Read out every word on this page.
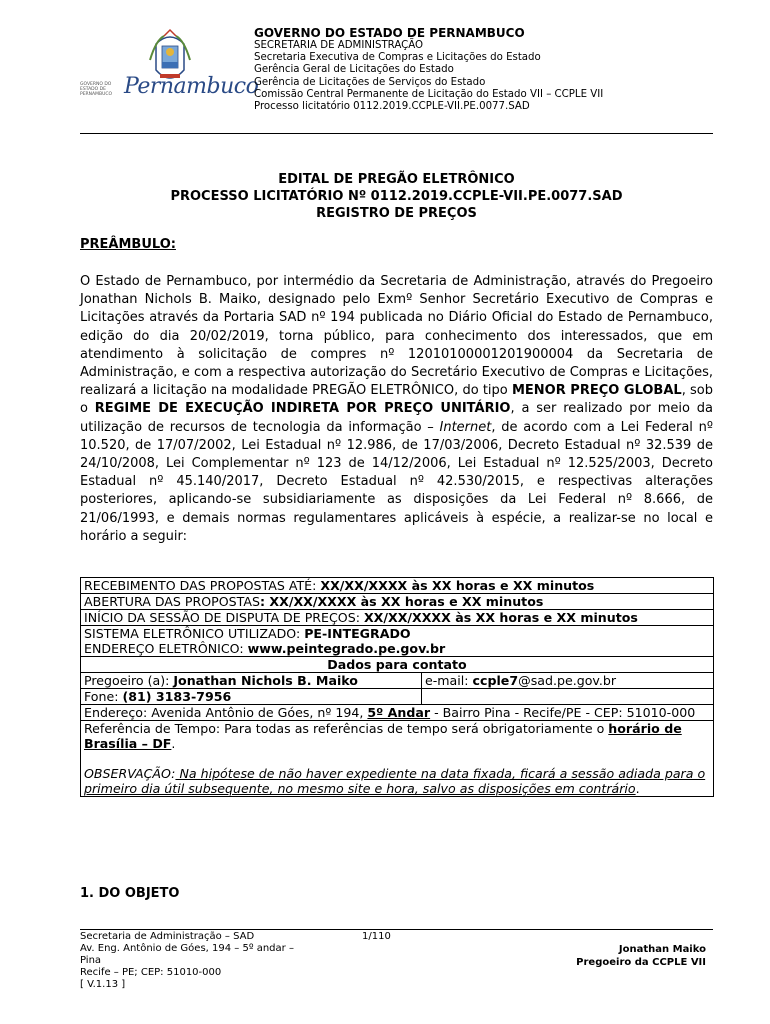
GOVERNO DO ESTADO DE PERNAMBUCO Pernambuco
GOVERNO DO ESTADO DE PERNAMBUCO
SECRETARIA DE ADMINISTRAÇÃO
Secretaria Executiva de Compras e Licitações do Estado
Gerência Geral de Licitações do Estado
Gerência de Licitações de Serviços do Estado
Comissão Central Permanente de Licitação do Estado VII – CCPLE VII
Processo licitatório 0112.2019.CCPLE-VII.PE.0077.SAD
EDITAL DE PREGÃO ELETRÔNICO
PROCESSO LICITATÓRIO Nº 0112.2019.CCPLE-VII.PE.0077.SAD
REGISTRO DE PREÇOS
PREÂMBULO:
O Estado de Pernambuco, por intermédio da Secretaria de Administração, através do Pregoeiro Jonathan Nichols B. Maiko, designado pelo Exmº Senhor Secretário Executivo de Compras e Licitações através da Portaria SAD nº 194 publicada no Diário Oficial do Estado de Pernambuco, edição do dia 20/02/2019, torna público, para conhecimento dos interessados, que em atendimento à solicitação de compres nº 12010100001201900004 da Secretaria de Administração, e com a respectiva autorização do Secretário Executivo de Compras e Licitações, realizará a licitação na modalidade PREGÃO ELETRÔNICO, do tipo MENOR PREÇO GLOBAL, sob o REGIME DE EXECUÇÃO INDIRETA POR PREÇO UNITÁRIO, a ser realizado por meio da utilização de recursos de tecnologia da informação – Internet, de acordo com a Lei Federal nº 10.520, de 17/07/2002, Lei Estadual nº 12.986, de 17/03/2006, Decreto Estadual nº 32.539 de 24/10/2008, Lei Complementar nº 123 de 14/12/2006, Lei Estadual nº 12.525/2003, Decreto Estadual nº 45.140/2017, Decreto Estadual nº 42.530/2015, e respectivas alterações posteriores, aplicando-se subsidiariamente as disposições da Lei Federal nº 8.666, de 21/06/1993, e demais normas regulamentares aplicáveis à espécie, a realizar-se no local e horário a seguir:
RECEBIMENTO DAS PROPOSTAS ATÉ: XX/XX/XXXX às XX horas e XX minutos	
ABERTURA DAS PROPOSTAS: XX/XX/XXXX às XX horas e XX minutos	
INÍCIO DA SESSÃO DE DISPUTA DE PREÇOS: XX/XX/XXXX às XX horas e XX minutos	
SISTEMA ELETRÔNICO UTILIZADO: PE-INTEGRADO
ENDEREÇO ELETRÔNICO: www.peintegrado.pe.gov.br	
Dados para contato	
Pregoeiro (a): Jonathan Nichols B. Maiko	e-mail: ccple7@sad.pe.gov.br
Fone: (81) 3183-7956	
Endereço: Avenida Antônio de Góes, nº 194, 5º Andar - Bairro Pina - Recife/PE - CEP: 51010-000	
Referência de Tempo: Para todas as referências de tempo será obrigatoriamente o horário de Brasília – DF.

OBSERVAÇÃO: Na hipótese de não haver expediente na data fixada, ficará a sessão adiada para o primeiro dia útil subsequente, no mesmo site e hora, salvo as disposições em contrário.	
1. DO OBJETO
Secretaria de Administração – SAD
Av. Eng. Antônio de Góes, 194 – 5º andar – Pina
Recife – PE; CEP: 51010-000
[ V.1.13 ]
1/110
Jonathan Maiko
Pregoeiro da CCPLE VII
